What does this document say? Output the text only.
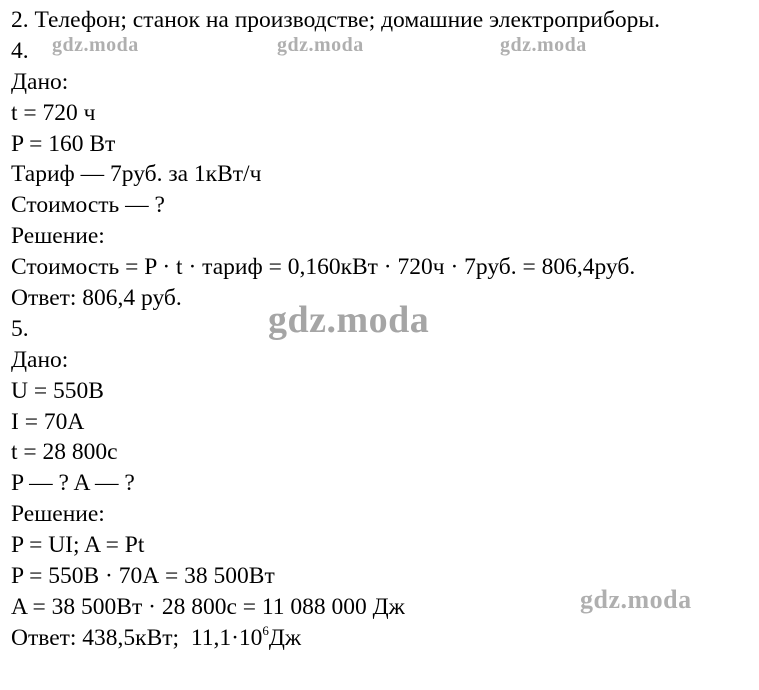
2. Телефон; станок на производстве; домашние электроприборы.
4.
Дано:
t = 720 ч
P = 160 Вт
Тариф — 7руб. за 1кВт/ч
Стоимость — ?
Решение:
Стоимость = P · t · тариф = 0,160кВт · 720ч · 7руб. = 806,4руб.
Ответ: 806,4 руб.
5.
Дано:
U = 550В
I = 70А
t = 28 800с
P — ? A — ?
Решение:
P = UI; A = Pt
P = 550В · 70А = 38 500Вт
A = 38 500Вт · 28 800с = 11 088 000 Дж
Ответ: 438,5кВт;  $11,1\cdot 10^6Дж$
gdz.moda	gdz.moda	gdz.moda
gdz.moda
gdz.moda
